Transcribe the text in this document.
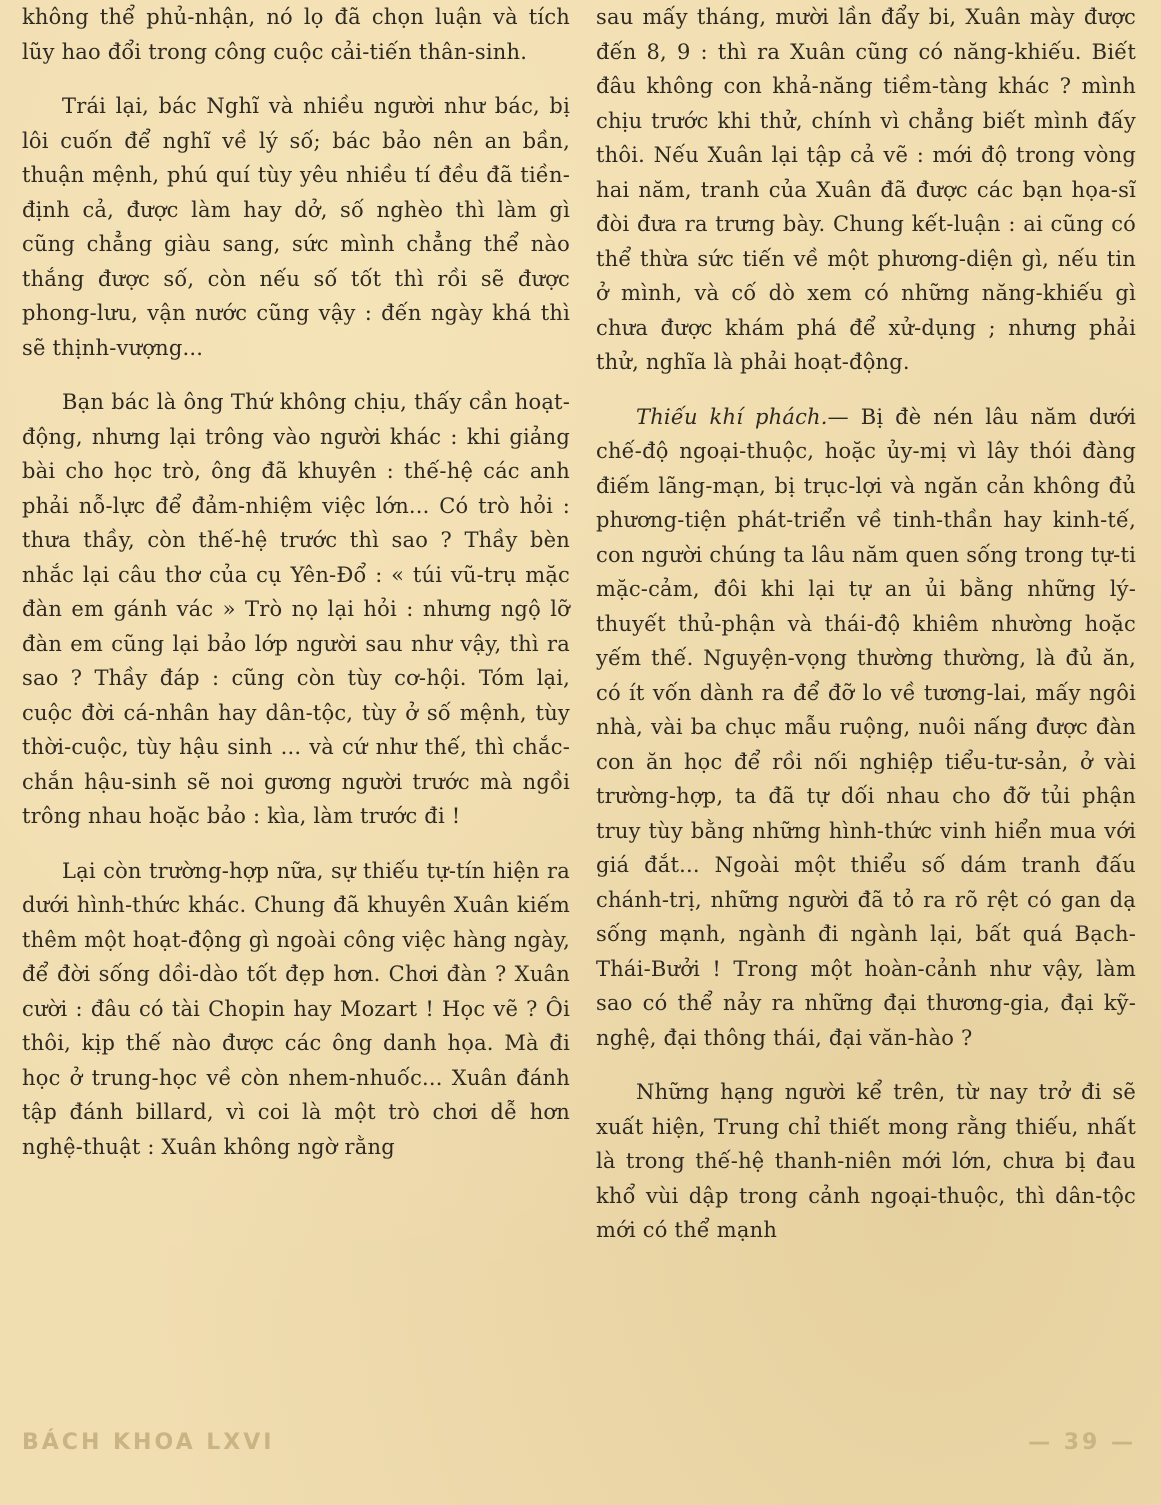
không thể phủ-nhận, nó lọ đã chọn luận và tích lũy hao đổi trong công cuộc cải-tiến thân-sinh.

Trái lại, bác Nghĩ và nhiều người như bác, bị lôi cuốn để nghĩ về lý số; bác bảo nên an bần, thuận mệnh, phú quí tùy yêu nhiều tí đều đã tiền-định cả, được làm hay dở, số nghèo thì làm gì cũng chẳng giàu sang, sức mình chẳng thể nào thắng được số, còn nếu số tốt thì rồi sẽ được phong-lưu, vận nước cũng vậy : đến ngày khá thì sẽ thịnh-vượng...

Bạn bác là ông Thứ không chịu, thấy cần hoạt-động, nhưng lại trông vào người khác : khi giảng bài cho học trò, ông đã khuyên : thế-hệ các anh phải nỗ-lực để đảm-nhiệm việc lớn... Có trò hỏi : thưa thầy, còn thế-hệ trước thì sao ? Thầy bèn nhắc lại câu thơ của cụ Yên-Đổ : « túi vũ-trụ mặc đàn em gánh vác » Trò nọ lại hỏi : nhưng ngộ lỡ đàn em cũng lại bảo lớp người sau như vậy, thì ra sao ? Thầy đáp : cũng còn tùy cơ-hội. Tóm lại, cuộc đời cá-nhân hay dân-tộc, tùy ở số mệnh, tùy thời-cuộc, tùy hậu sinh ... và cứ như thế, thì chắc-chắn hậu-sinh sẽ noi gương người trước mà ngồi trông nhau hoặc bảo : kìa, làm trước đi !

Lại còn trường-hợp nữa, sự thiếu tự-tín hiện ra dưới hình-thức khác. Chung đã khuyên Xuân kiếm thêm một hoạt-động gì ngoài công việc hàng ngày, để đời sống dồi-dào tốt đẹp hơn. Chơi đàn ? Xuân cười : đâu có tài Chopin hay Mozart ! Học vẽ ? Ôi thôi, kịp thế nào được các ông danh họa. Mà đi học ở trung-học về còn nhem-nhuốc... Xuân đánh tập đánh billard, vì coi là một trò chơi dễ hơn nghệ-thuật : Xuân không ngờ rằng

sau mấy tháng, mười lần đẩy bi, Xuân mày được đến 8, 9 : thì ra Xuân cũng có năng-khiếu. Biết đâu không con khả-năng tiềm-tàng khác ? mình chịu trước khi thử, chính vì chẳng biết mình đấy thôi. Nếu Xuân lại tập cả vẽ : mới độ trong vòng hai năm, tranh của Xuân đã được các bạn họa-sĩ đòi đưa ra trưng bày. Chung kết-luận : ai cũng có thể thừa sức tiến về một phương-diện gì, nếu tin ở mình, và cố dò xem có những năng-khiếu gì chưa được khám phá để xử-dụng ; nhưng phải thử, nghĩa là phải hoạt-động.

Thiếu khí phách.— Bị đè nén lâu năm dưới chế-độ ngoại-thuộc, hoặc ủy-mị vì lây thói đàng điếm lãng-mạn, bị trục-lợi và ngăn cản không đủ phương-tiện phát-triển về tinh-thần hay kinh-tế, con người chúng ta lâu năm quen sống trong tự-ti mặc-cảm, đôi khi lại tự an ủi bằng những lý-thuyết thủ-phận và thái-độ khiêm nhường hoặc yếm thế. Nguyện-vọng thường thường, là đủ ăn, có ít vốn dành ra để đỡ lo về tương-lai, mấy ngôi nhà, vài ba chục mẫu ruộng, nuôi nấng được đàn con ăn học để rồi nối nghiệp tiểu-tư-sản, ở vài trường-hợp, ta đã tự dối nhau cho đỡ tủi phận truy tùy bằng những hình-thức vinh hiển mua với giá đắt... Ngoài một thiểu số dám tranh đấu chánh-trị, những người đã tỏ ra rõ rệt có gan dạ sống mạnh, ngành đi ngành lại, bất quá Bạch-Thái-Bưởi ! Trong một hoàn-cảnh như vậy, làm sao có thể nảy ra những đại thương-gia, đại kỹ-nghệ, đại thông thái, đại văn-hào ?

Những hạng người kể trên, từ nay trở đi sẽ xuất hiện, Trung chỉ thiết mong rằng thiếu, nhất là trong thế-hệ thanh-niên mới lớn, chưa bị đau khổ vùi dập trong cảnh ngoại-thuộc, thì dân-tộc mới có thể mạnh

BÁCH KHOA LXVI	— 39 —
